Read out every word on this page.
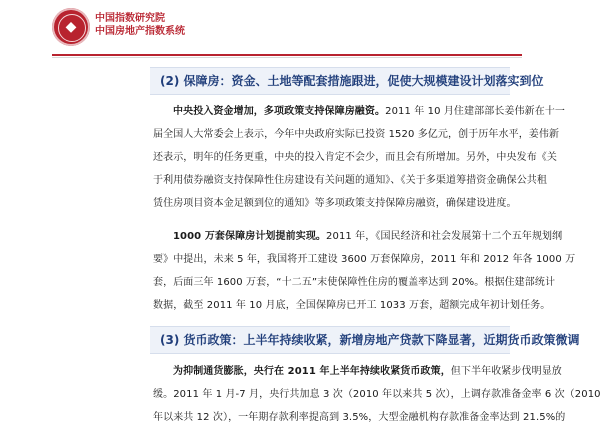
◆
中国指数研究院
中国房地产指数系统
(2) 保障房：资金、土地等配套措施跟进，促使大规模建设计划落实到位

中央投入资金增加，多项政策支持保障房融资。2011 年 10 月住建部部长姜伟新在十一

届全国人大常委会上表示，今年中央政府实际已投资 1520 多亿元，创于历年水平，姜伟新

还表示，明年的任务更重，中央的投入肯定不会少，而且会有所增加。另外，中央发布《关

于利用债券融资支持保障性住房建设有关问题的通知》、《关于多渠道筹措资金确保公共租

赁住房项目资本金足额到位的通知》等多项政策支持保障房融资，确保建设进度。

1000 万套保障房计划提前实现。2011 年，《国民经济和社会发展第十二个五年规划纲

要》中提出，未来 5 年，我国将开工建设 3600 万套保障房，2011 年和 2012 年各 1000 万

套，后面三年 1600 万套，“十二五”末使保障性住房的覆盖率达到 20%。根据住建部统计

数据，截至 2011 年 10 月底，全国保障房已开工 1033 万套，超额完成年初计划任务。

(3) 货币政策：上半年持续收紧，新增房地产贷款下降显著，近期货币政策微调

为抑制通货膨胀，央行在 2011 年上半年持续收紧货币政策，但下半年收紧步伐明显放

缓。2011 年 1 月-7 月，央行共加息 3 次（2010 年以来共 5 次），上调存款准备金率 6 次（2010

年以来共 12 次），一年期存款利率提高到 3.5%，大型金融机构存款准备金率达到 21.5%的
